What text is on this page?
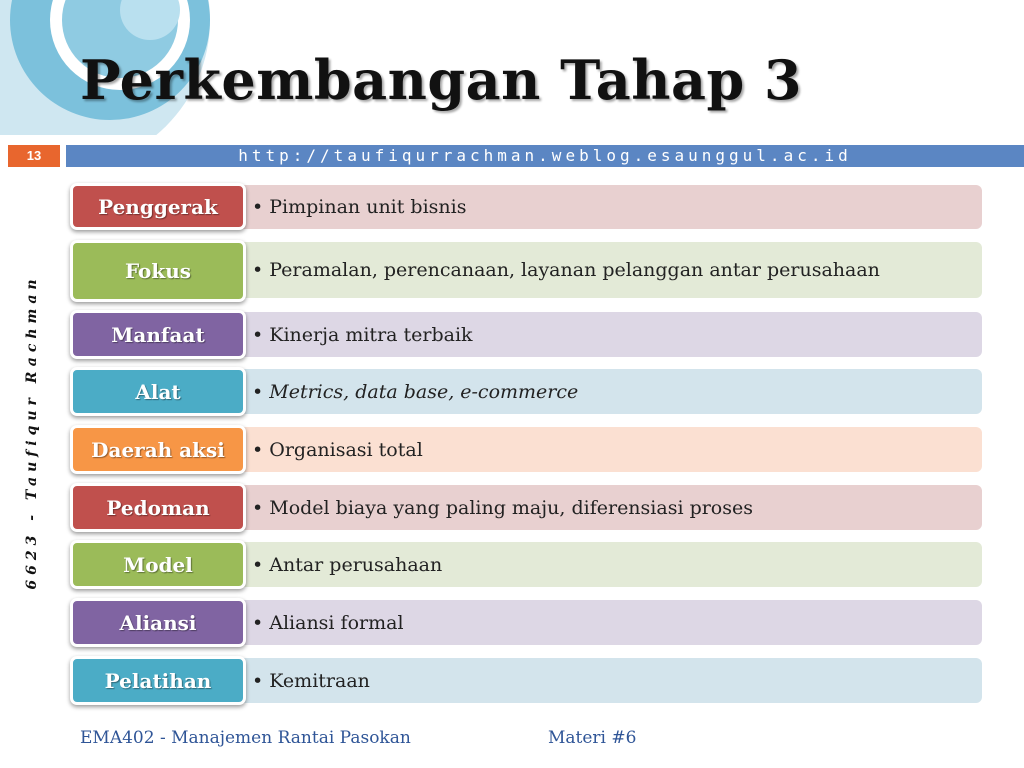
Perkembangan Tahap 3
13	http://taufiqurrachman.weblog.esaunggul.ac.id
6623 - Taufiqur Rachman
• Pimpinan unit bisnis
Penggerak
• Peramalan, perencanaan, layanan pelanggan antar perusahaan
Fokus
• Kinerja mitra terbaik
Manfaat
• Metrics, data base, e-commerce
Alat
• Organisasi total
Daerah aksi
• Model biaya yang paling maju, diferensiasi proses
Pedoman
• Antar perusahaan
Model
• Aliansi formal
Aliansi
• Kemitraan
Pelatihan
EMA402 - Manajemen Rantai Pasokan	Materi #6
